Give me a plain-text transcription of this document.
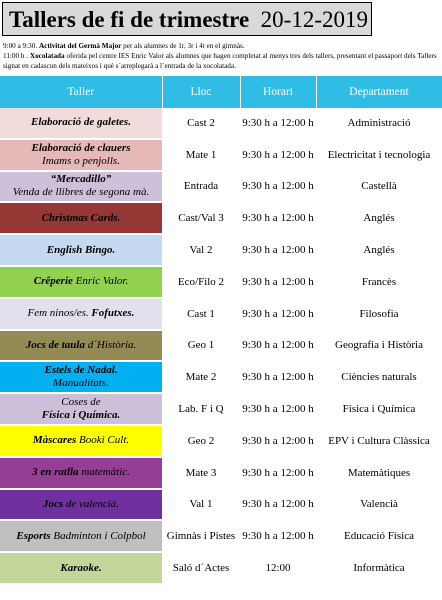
Tallers de fi de trimestre 20-12-2019
9:00 a 9:30. Activitat del Germà Major per als alumnes de 1r, 3r i 4t en el gimnàs.
11:00 h . Xocolatada oferida pel centre IES Enric Valor als alumnes que hagen completat al menys tres dels tallers, presentant el passaport dels Tallers signat en cadascun dels mateixos i què s´arreplegarà a l´entrada de la xocolatada.
Taller	Lloc	Horari	Departament
Elaboració de galetes.	Cast 2	9:30 h a 12:00 h	Administració
Elaboració de clauers
Imams o penjolls.	Mate 1	9:30 h a 12:00 h	Electricitat i tecnologia
“Mercadillo”
Venda de llibres de segona mà.	Entrada	9:30 h a 12:00 h	Castellà
Christmas Cards.	Cast/Val 3	9:30 h a 12:00 h	Anglés
English Bingo.	Val 2	9:30 h a 12:00 h	Anglés
Crêperie Enric Valor.	Eco/Filo 2	9:30 h a 12:00 h	Francès
Fem ninos/es. Fofutxes.	Cast 1	9:30 h a 12:00 h	Filosofia
Jocs de taula d´Història.	Geo 1	9:30 h a 12:00 h	Geografia i Història
Estels de Nadal.
Manualitats.	Mate 2	9:30 h a 12:00 h	Ciències naturals
Coses de
Física i Química.	Lab. F i Q	9:30 h a 12:00 h	Física i Química
Màscares Booki Cult.	Geo 2	9:30 h a 12:00 h	EPV i Cultura Clàssica
3 en ratlla matemàtic.	Mate 3	9:30 h a 12:00 h	Matemàtiques
Jocs de valencià.	Val 1	9:30 h a 12:00 h	Valencià
Esports Badminton i Colpbol	Gimnàs i Pistes	9:30 h a 12:00 h	Educació Física
Karaoke.	Saló d´Actes	12:00	Informàtica
